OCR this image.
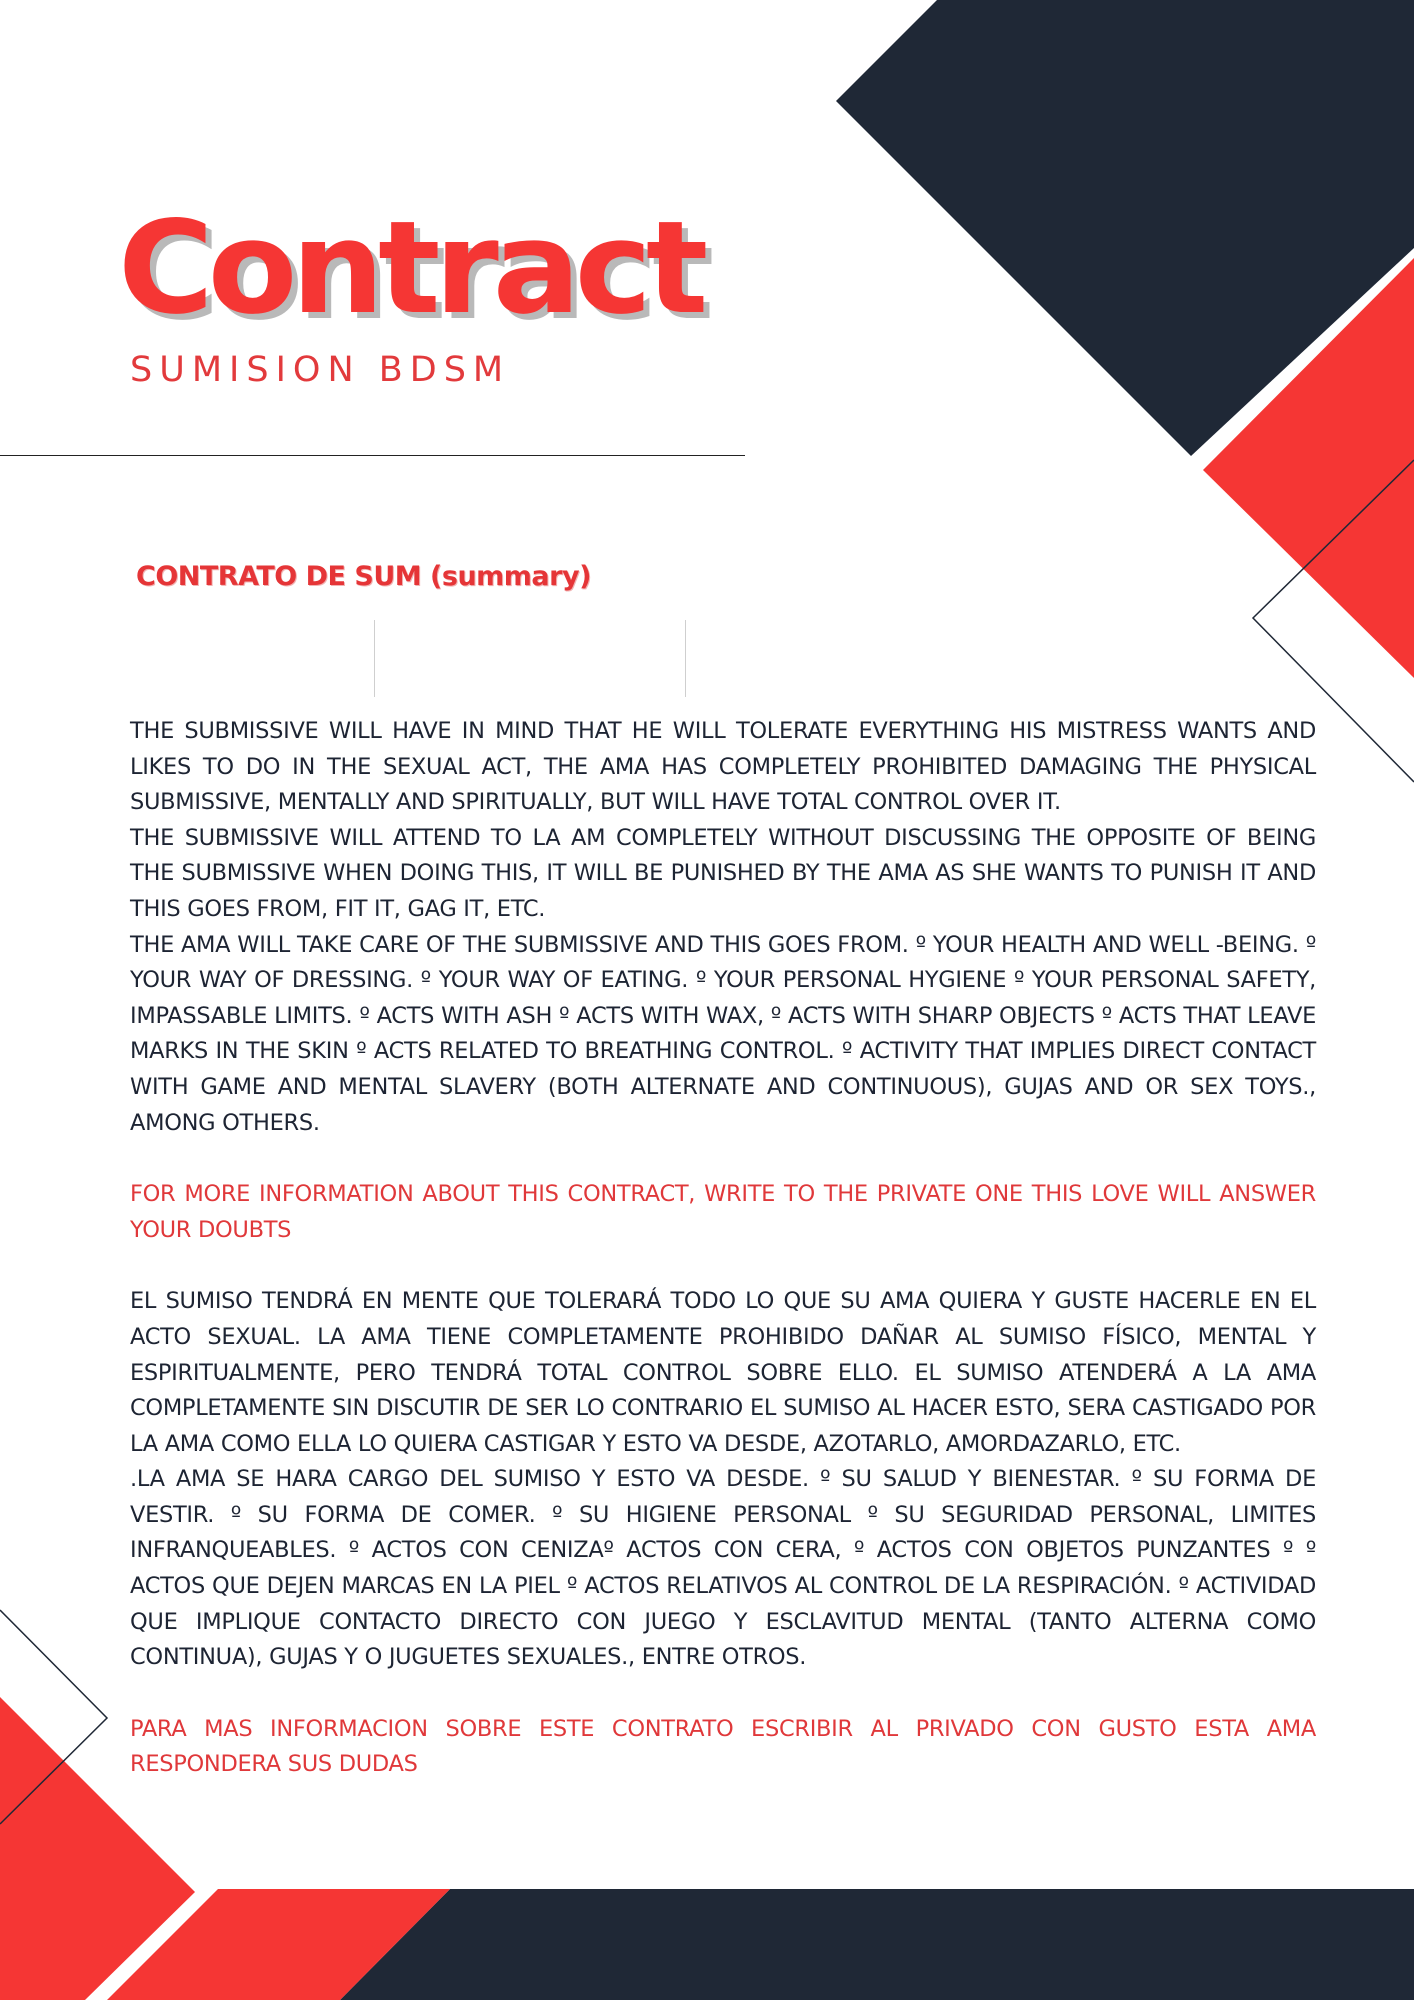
Contract
SUMISION BDSM
CONTRATO DE SUM (summary)

THE SUBMISSIVE WILL HAVE IN MIND THAT HE WILL TOLERATE EVERYTHING HIS MISTRESS WANTS AND LIKES TO DO IN THE SEXUAL ACT, THE AMA HAS COMPLETELY PROHIBITED DAMAGING THE PHYSICAL SUBMISSIVE, MENTALLY AND SPIRITUALLY, BUT WILL HAVE TOTAL CONTROL OVER IT.

THE SUBMISSIVE WILL ATTEND TO LA AM COMPLETELY WITHOUT DISCUSSING THE OPPOSITE OF BEING THE SUBMISSIVE WHEN DOING THIS, IT WILL BE PUNISHED BY THE AMA AS SHE WANTS TO PUNISH IT AND THIS GOES FROM, FIT IT, GAG IT, ETC.

THE AMA WILL TAKE CARE OF THE SUBMISSIVE AND THIS GOES FROM. º YOUR HEALTH AND WELL -BEING. º YOUR WAY OF DRESSING. º YOUR WAY OF EATING. º YOUR PERSONAL HYGIENE º YOUR PERSONAL SAFETY, IMPASSABLE LIMITS. º ACTS WITH ASH º ACTS WITH WAX, º ACTS WITH SHARP OBJECTS º ACTS THAT LEAVE MARKS IN THE SKIN º ACTS RELATED TO BREATHING CONTROL. º ACTIVITY THAT IMPLIES DIRECT CONTACT WITH GAME AND MENTAL SLAVERY (BOTH ALTERNATE AND CONTINUOUS), GUJAS AND OR SEX TOYS., AMONG OTHERS.

FOR MORE INFORMATION ABOUT THIS CONTRACT, WRITE TO THE PRIVATE ONE THIS LOVE WILL ANSWER YOUR DOUBTS

EL SUMISO TENDRÁ EN MENTE QUE TOLERARÁ TODO LO QUE SU AMA QUIERA Y GUSTE HACERLE EN EL ACTO SEXUAL. LA AMA TIENE COMPLETAMENTE PROHIBIDO DAÑAR AL SUMISO FÍSICO, MENTAL Y ESPIRITUALMENTE, PERO TENDRÁ TOTAL CONTROL SOBRE ELLO. EL SUMISO ATENDERÁ A LA AMA COMPLETAMENTE SIN DISCUTIR DE SER LO CONTRARIO EL SUMISO AL HACER ESTO, SERA CASTIGADO POR LA AMA COMO ELLA LO QUIERA CASTIGAR Y ESTO VA DESDE, AZOTARLO, AMORDAZARLO, ETC.

.LA AMA SE HARA CARGO DEL SUMISO Y ESTO VA DESDE. º SU SALUD Y BIENESTAR. º SU FORMA DE VESTIR. º SU FORMA DE COMER. º SU HIGIENE PERSONAL º SU SEGURIDAD PERSONAL, LIMITES INFRANQUEABLES. º ACTOS CON CENIZAº ACTOS CON CERA, º ACTOS CON OBJETOS PUNZANTES º º ACTOS QUE DEJEN MARCAS EN LA PIEL º ACTOS RELATIVOS AL CONTROL DE LA RESPIRACIÓN. º ACTIVIDAD QUE IMPLIQUE CONTACTO DIRECTO CON JUEGO Y ESCLAVITUD MENTAL (TANTO ALTERNA COMO CONTINUA), GUJAS Y O JUGUETES SEXUALES., ENTRE OTROS.

PARA MAS INFORMACION SOBRE ESTE CONTRATO ESCRIBIR AL PRIVADO CON GUSTO ESTA AMA RESPONDERA SUS DUDAS
